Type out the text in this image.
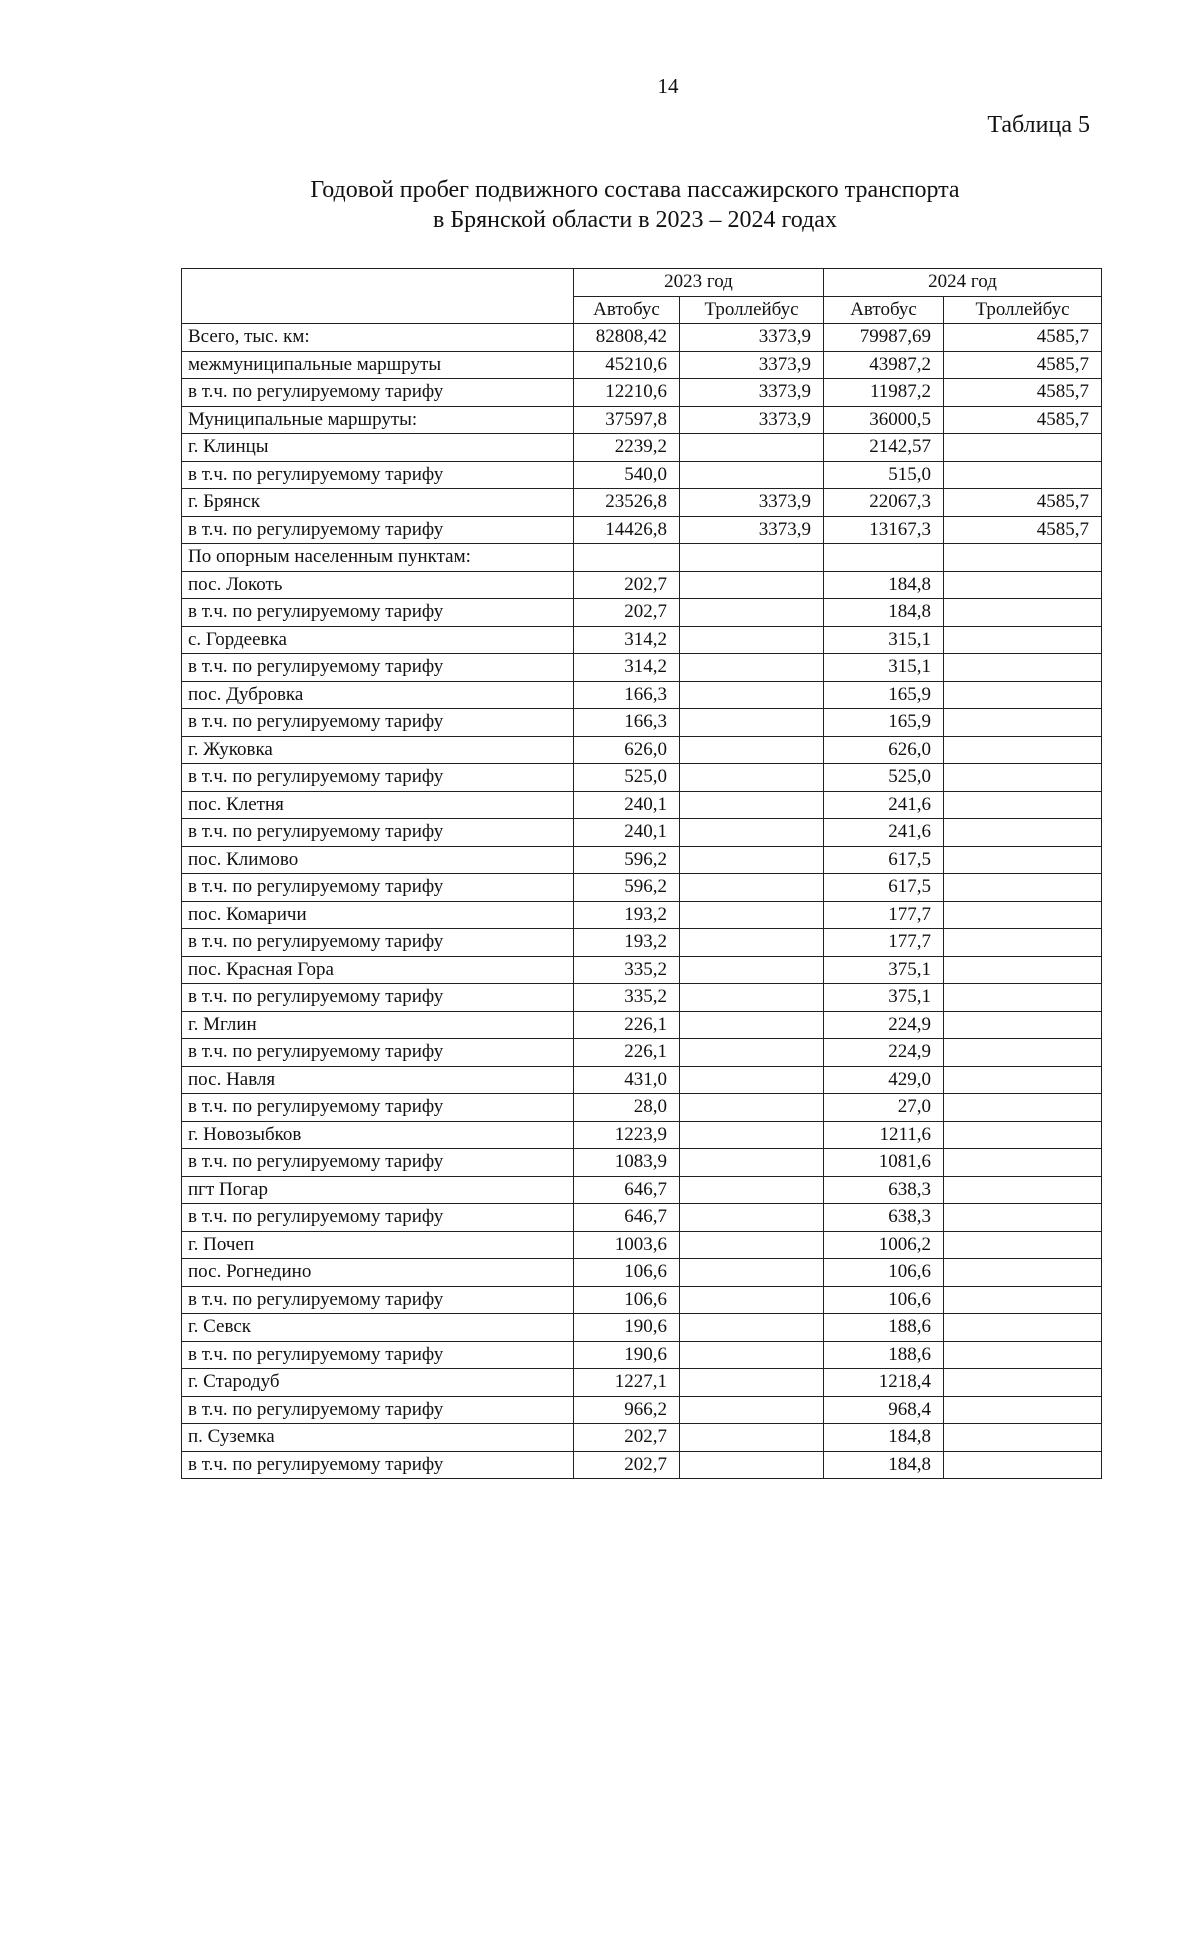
14
Таблица 5
Годовой пробег подвижного состава пассажирского транспорта
в Брянской области в 2023 – 2024 годах
	2023 год		2024 год	
	Автобус	Троллейбус	Автобус	Троллейбус
Всего, тыс. км:	82808,42	3373,9	79987,69	4585,7
межмуниципальные маршруты	45210,6	3373,9	43987,2	4585,7
в т.ч. по регулируемому тарифу	12210,6	3373,9	11987,2	4585,7
Муниципальные маршруты:	37597,8	3373,9	36000,5	4585,7
г. Клинцы	2239,2		2142,57	
в т.ч. по регулируемому тарифу	540,0		515,0	
г. Брянск	23526,8	3373,9	22067,3	4585,7
в т.ч. по регулируемому тарифу	14426,8	3373,9	13167,3	4585,7
По опорным населенным пунктам:				
пос. Локоть	202,7		184,8	
в т.ч. по регулируемому тарифу	202,7		184,8	
с. Гордеевка	314,2		315,1	
в т.ч. по регулируемому тарифу	314,2		315,1	
пос. Дубровка	166,3		165,9	
в т.ч. по регулируемому тарифу	166,3		165,9	
г. Жуковка	626,0		626,0	
в т.ч. по регулируемому тарифу	525,0		525,0	
пос. Клетня	240,1		241,6	
в т.ч. по регулируемому тарифу	240,1		241,6	
пос. Климово	596,2		617,5	
в т.ч. по регулируемому тарифу	596,2		617,5	
пос. Комаричи	193,2		177,7	
в т.ч. по регулируемому тарифу	193,2		177,7	
пос. Красная Гора	335,2		375,1	
в т.ч. по регулируемому тарифу	335,2		375,1	
г. Мглин	226,1		224,9	
в т.ч. по регулируемому тарифу	226,1		224,9	
пос. Навля	431,0		429,0	
в т.ч. по регулируемому тарифу	28,0		27,0	
г. Новозыбков	1223,9		1211,6	
в т.ч. по регулируемому тарифу	1083,9		1081,6	
пгт Погар	646,7		638,3	
в т.ч. по регулируемому тарифу	646,7		638,3	
г. Почеп	1003,6		1006,2	
пос. Рогнедино	106,6		106,6	
в т.ч. по регулируемому тарифу	106,6		106,6	
г. Севск	190,6		188,6	
в т.ч. по регулируемому тарифу	190,6		188,6	
г. Стародуб	1227,1		1218,4	
в т.ч. по регулируемому тарифу	966,2		968,4	
п. Суземка	202,7		184,8	
в т.ч. по регулируемому тарифу	202,7		184,8	
